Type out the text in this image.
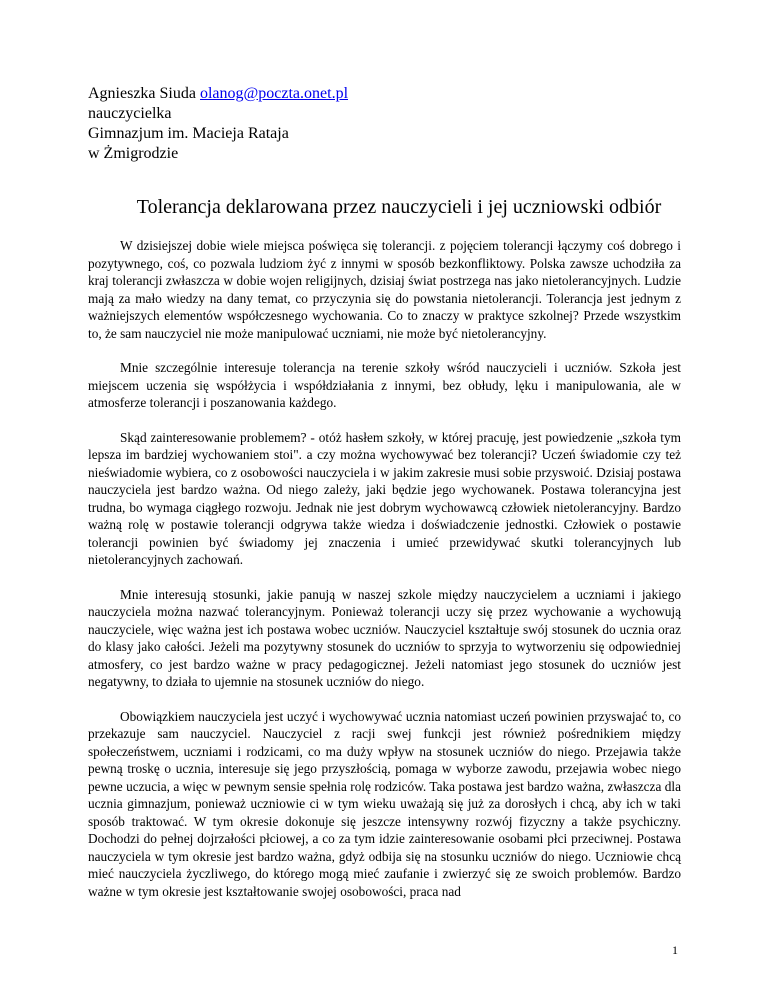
Agnieszka Siuda olanog@poczta.onet.pl
nauczycielka
Gimnazjum im. Macieja Rataja
w Żmigrodzie
Tolerancja deklarowana przez nauczycieli i jej uczniowski odbiór

W dzisiejszej dobie wiele miejsca poświęca się tolerancji. z pojęciem tolerancji łączymy coś dobrego i pozytywnego, coś, co pozwala ludziom żyć z innymi w sposób bezkonfliktowy. Polska zawsze uchodziła za kraj tolerancji zwłaszcza w dobie wojen religijnych, dzisiaj świat postrzega nas jako nietolerancyjnych. Ludzie mają za mało wiedzy na dany temat, co przyczynia się do powstania nietolerancji. Tolerancja jest jednym z ważniejszych elementów współczesnego wychowania. Co to znaczy w praktyce szkolnej? Przede wszystkim to, że sam nauczyciel nie może manipulować uczniami, nie może być nietolerancyjny.

Mnie szczególnie interesuje tolerancja na terenie szkoły wśród nauczycieli i uczniów. Szkoła jest miejscem uczenia się współżycia i współdziałania z innymi, bez obłudy, lęku i manipulowania, ale w atmosferze tolerancji i poszanowania każdego.

Skąd zainteresowanie problemem? - otóż hasłem szkoły, w której pracuję, jest powiedzenie „szkoła tym lepsza im bardziej wychowaniem stoi". a czy można wychowywać bez tolerancji? Uczeń świadomie czy też nieświadomie wybiera, co z osobowości nauczyciela i w jakim zakresie musi sobie przyswoić. Dzisiaj postawa nauczyciela jest bardzo ważna. Od niego zależy, jaki będzie jego wychowanek. Postawa tolerancyjna jest trudna, bo wymaga ciągłego rozwoju. Jednak nie jest dobrym wychowawcą człowiek nietolerancyjny. Bardzo ważną rolę w postawie tolerancji odgrywa także wiedza i doświadczenie jednostki. Człowiek o postawie tolerancji powinien być świadomy jej znaczenia i umieć przewidywać skutki tolerancyjnych lub nietolerancyjnych zachowań.

Mnie interesują stosunki, jakie panują w naszej szkole między nauczycielem a uczniami i jakiego nauczyciela można nazwać tolerancyjnym. Ponieważ tolerancji uczy się przez wychowanie a wychowują nauczyciele, więc ważna jest ich postawa wobec uczniów. Nauczyciel kształtuje swój stosunek do ucznia oraz do klasy jako całości. Jeżeli ma pozytywny stosunek do uczniów to sprzyja to wytworzeniu się odpowiedniej atmosfery, co jest bardzo ważne w pracy pedagogicznej. Jeżeli natomiast jego stosunek do uczniów jest negatywny, to działa to ujemnie na stosunek uczniów do niego.

Obowiązkiem nauczyciela jest uczyć i wychowywać ucznia natomiast uczeń powinien przyswajać to, co przekazuje sam nauczyciel. Nauczyciel z racji swej funkcji jest również pośrednikiem między społeczeństwem, uczniami i rodzicami, co ma duży wpływ na stosunek uczniów do niego. Przejawia także pewną troskę o ucznia, interesuje się jego przyszłością, pomaga w wyborze zawodu, przejawia wobec niego pewne uczucia, a więc w pewnym sensie spełnia rolę rodziców. Taka postawa jest bardzo ważna, zwłaszcza dla ucznia gimnazjum, ponieważ uczniowie ci w tym wieku uważają się już za dorosłych i chcą, aby ich w taki sposób traktować. W tym okresie dokonuje się jeszcze intensywny rozwój fizyczny a także psychiczny. Dochodzi do pełnej dojrzałości płciowej, a co za tym idzie zainteresowanie osobami płci przeciwnej. Postawa nauczyciela w tym okresie jest bardzo ważna, gdyż odbija się na stosunku uczniów do niego. Uczniowie chcą mieć nauczyciela życzliwego, do którego mogą mieć zaufanie i zwierzyć się ze swoich problemów. Bardzo ważne w tym okresie jest kształtowanie swojej osobowości, praca nad

1
